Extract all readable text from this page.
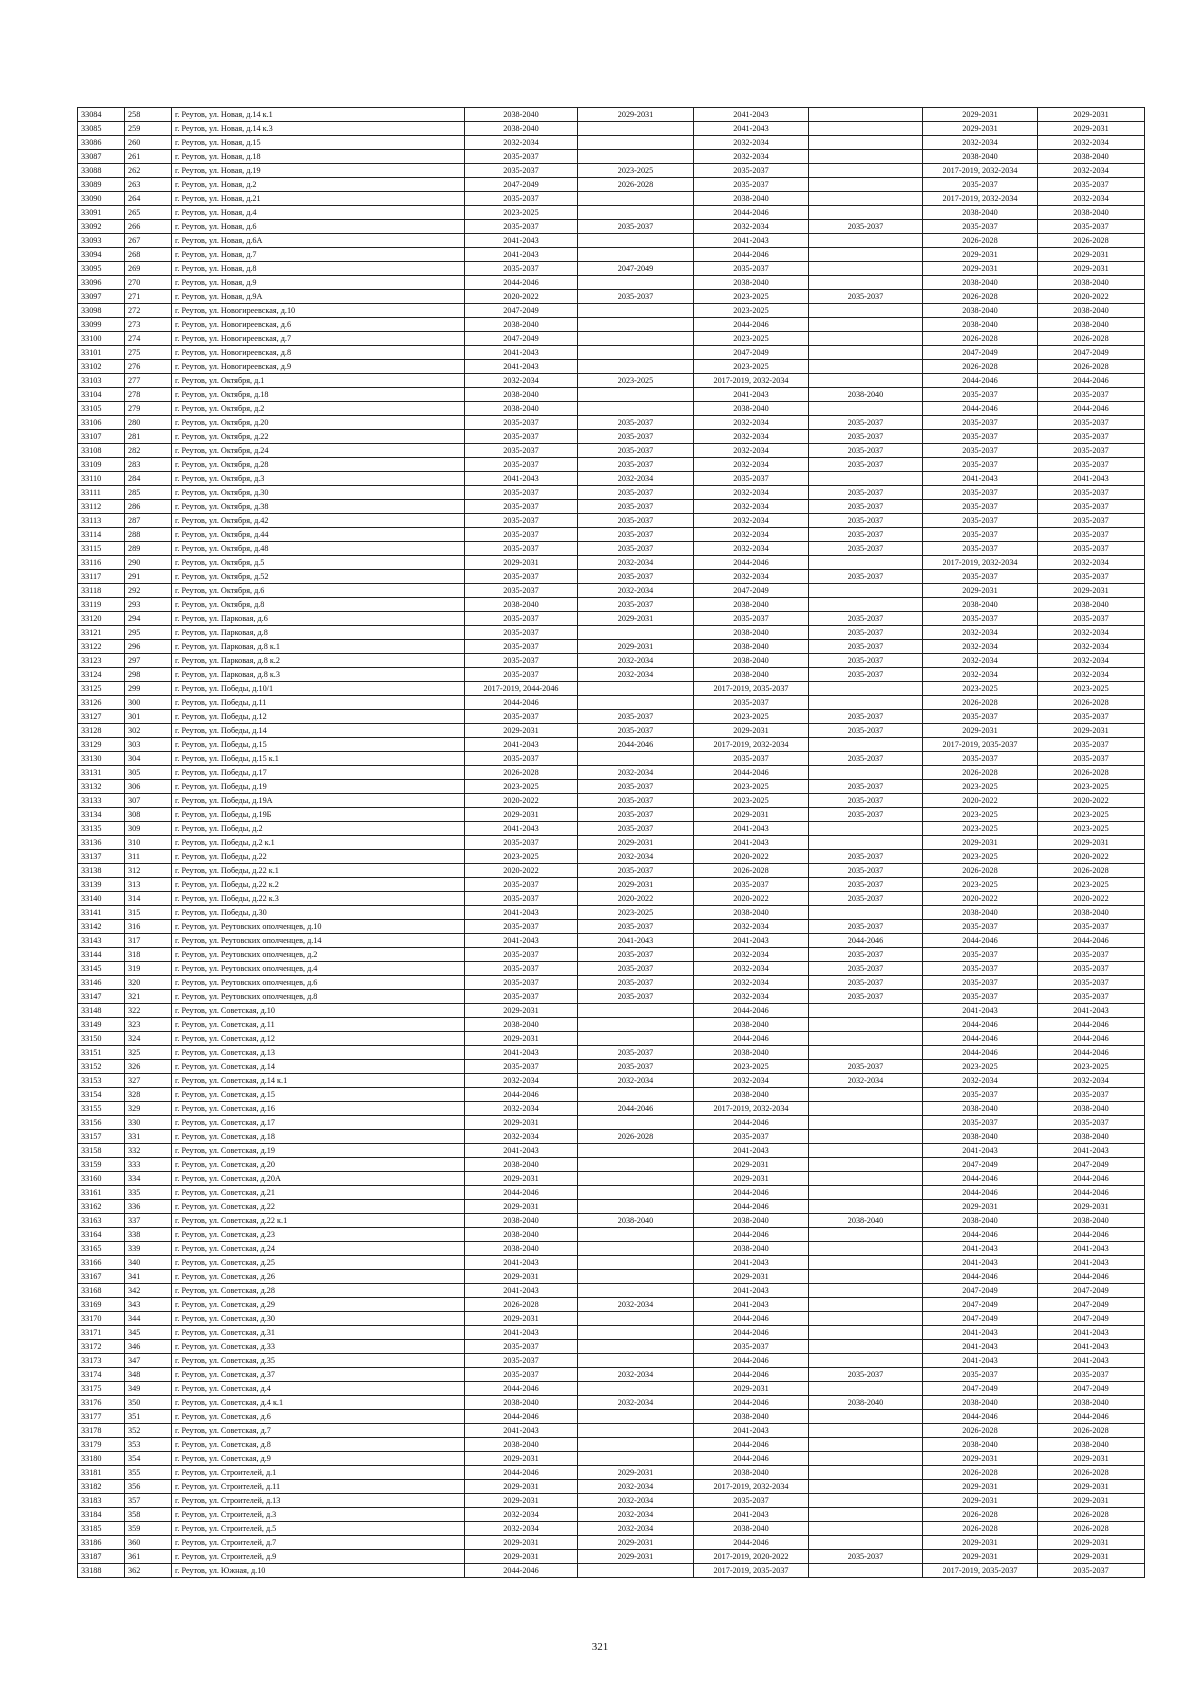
33084	258	г. Реутов, ул. Новая, д.14 к.1	2038-2040	2029-2031	2041-2043		2029-2031	2029-2031
33085	259	г. Реутов, ул. Новая, д.14 к.3	2038-2040		2041-2043		2029-2031	2029-2031
33086	260	г. Реутов, ул. Новая, д.15	2032-2034		2032-2034		2032-2034	2032-2034
33087	261	г. Реутов, ул. Новая, д.18	2035-2037		2032-2034		2038-2040	2038-2040
33088	262	г. Реутов, ул. Новая, д.19	2035-2037	2023-2025	2035-2037		2017-2019, 2032-2034	2032-2034
33089	263	г. Реутов, ул. Новая, д.2	2047-2049	2026-2028	2035-2037		2035-2037	2035-2037
33090	264	г. Реутов, ул. Новая, д.21	2035-2037		2038-2040		2017-2019, 2032-2034	2032-2034
33091	265	г. Реутов, ул. Новая, д.4	2023-2025		2044-2046		2038-2040	2038-2040
33092	266	г. Реутов, ул. Новая, д.6	2035-2037	2035-2037	2032-2034	2035-2037	2035-2037	2035-2037
33093	267	г. Реутов, ул. Новая, д.6А	2041-2043		2041-2043		2026-2028	2026-2028
33094	268	г. Реутов, ул. Новая, д.7	2041-2043		2044-2046		2029-2031	2029-2031
33095	269	г. Реутов, ул. Новая, д.8	2035-2037	2047-2049	2035-2037		2029-2031	2029-2031
33096	270	г. Реутов, ул. Новая, д.9	2044-2046		2038-2040		2038-2040	2038-2040
33097	271	г. Реутов, ул. Новая, д.9А	2020-2022	2035-2037	2023-2025	2035-2037	2026-2028	2020-2022
33098	272	г. Реутов, ул. Новогиреевская, д.10	2047-2049		2023-2025		2038-2040	2038-2040
33099	273	г. Реутов, ул. Новогиреевская, д.6	2038-2040		2044-2046		2038-2040	2038-2040
33100	274	г. Реутов, ул. Новогиреевская, д.7	2047-2049		2023-2025		2026-2028	2026-2028
33101	275	г. Реутов, ул. Новогиреевская, д.8	2041-2043		2047-2049		2047-2049	2047-2049
33102	276	г. Реутов, ул. Новогиреевская, д.9	2041-2043		2023-2025		2026-2028	2026-2028
33103	277	г. Реутов, ул. Октября, д.1	2032-2034	2023-2025	2017-2019, 2032-2034		2044-2046	2044-2046
33104	278	г. Реутов, ул. Октября, д.18	2038-2040		2041-2043	2038-2040	2035-2037	2035-2037
33105	279	г. Реутов, ул. Октября, д.2	2038-2040		2038-2040		2044-2046	2044-2046
33106	280	г. Реутов, ул. Октября, д.20	2035-2037	2035-2037	2032-2034	2035-2037	2035-2037	2035-2037
33107	281	г. Реутов, ул. Октября, д.22	2035-2037	2035-2037	2032-2034	2035-2037	2035-2037	2035-2037
33108	282	г. Реутов, ул. Октября, д.24	2035-2037	2035-2037	2032-2034	2035-2037	2035-2037	2035-2037
33109	283	г. Реутов, ул. Октября, д.28	2035-2037	2035-2037	2032-2034	2035-2037	2035-2037	2035-2037
33110	284	г. Реутов, ул. Октября, д.3	2041-2043	2032-2034	2035-2037		2041-2043	2041-2043
33111	285	г. Реутов, ул. Октября, д.30	2035-2037	2035-2037	2032-2034	2035-2037	2035-2037	2035-2037
33112	286	г. Реутов, ул. Октября, д.38	2035-2037	2035-2037	2032-2034	2035-2037	2035-2037	2035-2037
33113	287	г. Реутов, ул. Октября, д.42	2035-2037	2035-2037	2032-2034	2035-2037	2035-2037	2035-2037
33114	288	г. Реутов, ул. Октября, д.44	2035-2037	2035-2037	2032-2034	2035-2037	2035-2037	2035-2037
33115	289	г. Реутов, ул. Октября, д.48	2035-2037	2035-2037	2032-2034	2035-2037	2035-2037	2035-2037
33116	290	г. Реутов, ул. Октября, д.5	2029-2031	2032-2034	2044-2046		2017-2019, 2032-2034	2032-2034
33117	291	г. Реутов, ул. Октября, д.52	2035-2037	2035-2037	2032-2034	2035-2037	2035-2037	2035-2037
33118	292	г. Реутов, ул. Октября, д.6	2035-2037	2032-2034	2047-2049		2029-2031	2029-2031
33119	293	г. Реутов, ул. Октября, д.8	2038-2040	2035-2037	2038-2040		2038-2040	2038-2040
33120	294	г. Реутов, ул. Парковая, д.6	2035-2037	2029-2031	2035-2037	2035-2037	2035-2037	2035-2037
33121	295	г. Реутов, ул. Парковая, д.8	2035-2037		2038-2040	2035-2037	2032-2034	2032-2034
33122	296	г. Реутов, ул. Парковая, д.8 к.1	2035-2037	2029-2031	2038-2040	2035-2037	2032-2034	2032-2034
33123	297	г. Реутов, ул. Парковая, д.8 к.2	2035-2037	2032-2034	2038-2040	2035-2037	2032-2034	2032-2034
33124	298	г. Реутов, ул. Парковая, д.8 к.3	2035-2037	2032-2034	2038-2040	2035-2037	2032-2034	2032-2034
33125	299	г. Реутов, ул. Победы, д.10/1	2017-2019, 2044-2046		2017-2019, 2035-2037		2023-2025	2023-2025
33126	300	г. Реутов, ул. Победы, д.11	2044-2046		2035-2037		2026-2028	2026-2028
33127	301	г. Реутов, ул. Победы, д.12	2035-2037	2035-2037	2023-2025	2035-2037	2035-2037	2035-2037
33128	302	г. Реутов, ул. Победы, д.14	2029-2031	2035-2037	2029-2031	2035-2037	2029-2031	2029-2031
33129	303	г. Реутов, ул. Победы, д.15	2041-2043	2044-2046	2017-2019, 2032-2034		2017-2019, 2035-2037	2035-2037
33130	304	г. Реутов, ул. Победы, д.15 к.1	2035-2037		2035-2037	2035-2037	2035-2037	2035-2037
33131	305	г. Реутов, ул. Победы, д.17	2026-2028	2032-2034	2044-2046		2026-2028	2026-2028
33132	306	г. Реутов, ул. Победы, д.19	2023-2025	2035-2037	2023-2025	2035-2037	2023-2025	2023-2025
33133	307	г. Реутов, ул. Победы, д.19А	2020-2022	2035-2037	2023-2025	2035-2037	2020-2022	2020-2022
33134	308	г. Реутов, ул. Победы, д.19Б	2029-2031	2035-2037	2029-2031	2035-2037	2023-2025	2023-2025
33135	309	г. Реутов, ул. Победы, д.2	2041-2043	2035-2037	2041-2043		2023-2025	2023-2025
33136	310	г. Реутов, ул. Победы, д.2 к.1	2035-2037	2029-2031	2041-2043		2029-2031	2029-2031
33137	311	г. Реутов, ул. Победы, д.22	2023-2025	2032-2034	2020-2022	2035-2037	2023-2025	2020-2022
33138	312	г. Реутов, ул. Победы, д.22 к.1	2020-2022	2035-2037	2026-2028	2035-2037	2026-2028	2026-2028
33139	313	г. Реутов, ул. Победы, д.22 к.2	2035-2037	2029-2031	2035-2037	2035-2037	2023-2025	2023-2025
33140	314	г. Реутов, ул. Победы, д.22 к.3	2035-2037	2020-2022	2020-2022	2035-2037	2020-2022	2020-2022
33141	315	г. Реутов, ул. Победы, д.30	2041-2043	2023-2025	2038-2040		2038-2040	2038-2040
33142	316	г. Реутов, ул. Реутовских ополченцев, д.10	2035-2037	2035-2037	2032-2034	2035-2037	2035-2037	2035-2037
33143	317	г. Реутов, ул. Реутовских ополченцев, д.14	2041-2043	2041-2043	2041-2043	2044-2046	2044-2046	2044-2046
33144	318	г. Реутов, ул. Реутовских ополченцев, д.2	2035-2037	2035-2037	2032-2034	2035-2037	2035-2037	2035-2037
33145	319	г. Реутов, ул. Реутовских ополченцев, д.4	2035-2037	2035-2037	2032-2034	2035-2037	2035-2037	2035-2037
33146	320	г. Реутов, ул. Реутовских ополченцев, д.6	2035-2037	2035-2037	2032-2034	2035-2037	2035-2037	2035-2037
33147	321	г. Реутов, ул. Реутовских ополченцев, д.8	2035-2037	2035-2037	2032-2034	2035-2037	2035-2037	2035-2037
33148	322	г. Реутов, ул. Советская, д.10	2029-2031		2044-2046		2041-2043	2041-2043
33149	323	г. Реутов, ул. Советская, д.11	2038-2040		2038-2040		2044-2046	2044-2046
33150	324	г. Реутов, ул. Советская, д.12	2029-2031		2044-2046		2044-2046	2044-2046
33151	325	г. Реутов, ул. Советская, д.13	2041-2043	2035-2037	2038-2040		2044-2046	2044-2046
33152	326	г. Реутов, ул. Советская, д.14	2035-2037	2035-2037	2023-2025	2035-2037	2023-2025	2023-2025
33153	327	г. Реутов, ул. Советская, д.14 к.1	2032-2034	2032-2034	2032-2034	2032-2034	2032-2034	2032-2034
33154	328	г. Реутов, ул. Советская, д.15	2044-2046		2038-2040		2035-2037	2035-2037
33155	329	г. Реутов, ул. Советская, д.16	2032-2034	2044-2046	2017-2019, 2032-2034		2038-2040	2038-2040
33156	330	г. Реутов, ул. Советская, д.17	2029-2031		2044-2046		2035-2037	2035-2037
33157	331	г. Реутов, ул. Советская, д.18	2032-2034	2026-2028	2035-2037		2038-2040	2038-2040
33158	332	г. Реутов, ул. Советская, д.19	2041-2043		2041-2043		2041-2043	2041-2043
33159	333	г. Реутов, ул. Советская, д.20	2038-2040		2029-2031		2047-2049	2047-2049
33160	334	г. Реутов, ул. Советская, д.20А	2029-2031		2029-2031		2044-2046	2044-2046
33161	335	г. Реутов, ул. Советская, д.21	2044-2046		2044-2046		2044-2046	2044-2046
33162	336	г. Реутов, ул. Советская, д.22	2029-2031		2044-2046		2029-2031	2029-2031
33163	337	г. Реутов, ул. Советская, д.22 к.1	2038-2040	2038-2040	2038-2040	2038-2040	2038-2040	2038-2040
33164	338	г. Реутов, ул. Советская, д.23	2038-2040		2044-2046		2044-2046	2044-2046
33165	339	г. Реутов, ул. Советская, д.24	2038-2040		2038-2040		2041-2043	2041-2043
33166	340	г. Реутов, ул. Советская, д.25	2041-2043		2041-2043		2041-2043	2041-2043
33167	341	г. Реутов, ул. Советская, д.26	2029-2031		2029-2031		2044-2046	2044-2046
33168	342	г. Реутов, ул. Советская, д.28	2041-2043		2041-2043		2047-2049	2047-2049
33169	343	г. Реутов, ул. Советская, д.29	2026-2028	2032-2034	2041-2043		2047-2049	2047-2049
33170	344	г. Реутов, ул. Советская, д.30	2029-2031		2044-2046		2047-2049	2047-2049
33171	345	г. Реутов, ул. Советская, д.31	2041-2043		2044-2046		2041-2043	2041-2043
33172	346	г. Реутов, ул. Советская, д.33	2035-2037		2035-2037		2041-2043	2041-2043
33173	347	г. Реутов, ул. Советская, д.35	2035-2037		2044-2046		2041-2043	2041-2043
33174	348	г. Реутов, ул. Советская, д.37	2035-2037	2032-2034	2044-2046	2035-2037	2035-2037	2035-2037
33175	349	г. Реутов, ул. Советская, д.4	2044-2046		2029-2031		2047-2049	2047-2049
33176	350	г. Реутов, ул. Советская, д.4 к.1	2038-2040	2032-2034	2044-2046	2038-2040	2038-2040	2038-2040
33177	351	г. Реутов, ул. Советская, д.6	2044-2046		2038-2040		2044-2046	2044-2046
33178	352	г. Реутов, ул. Советская, д.7	2041-2043		2041-2043		2026-2028	2026-2028
33179	353	г. Реутов, ул. Советская, д.8	2038-2040		2044-2046		2038-2040	2038-2040
33180	354	г. Реутов, ул. Советская, д.9	2029-2031		2044-2046		2029-2031	2029-2031
33181	355	г. Реутов, ул. Строителей, д.1	2044-2046	2029-2031	2038-2040		2026-2028	2026-2028
33182	356	г. Реутов, ул. Строителей, д.11	2029-2031	2032-2034	2017-2019, 2032-2034		2029-2031	2029-2031
33183	357	г. Реутов, ул. Строителей, д.13	2029-2031	2032-2034	2035-2037		2029-2031	2029-2031
33184	358	г. Реутов, ул. Строителей, д.3	2032-2034	2032-2034	2041-2043		2026-2028	2026-2028
33185	359	г. Реутов, ул. Строителей, д.5	2032-2034	2032-2034	2038-2040		2026-2028	2026-2028
33186	360	г. Реутов, ул. Строителей, д.7	2029-2031	2029-2031	2044-2046		2029-2031	2029-2031
33187	361	г. Реутов, ул. Строителей, д.9	2029-2031	2029-2031	2017-2019, 2020-2022	2035-2037	2029-2031	2029-2031
33188	362	г. Реутов, ул. Южная, д.10	2044-2046		2017-2019, 2035-2037		2017-2019, 2035-2037	2035-2037
321
